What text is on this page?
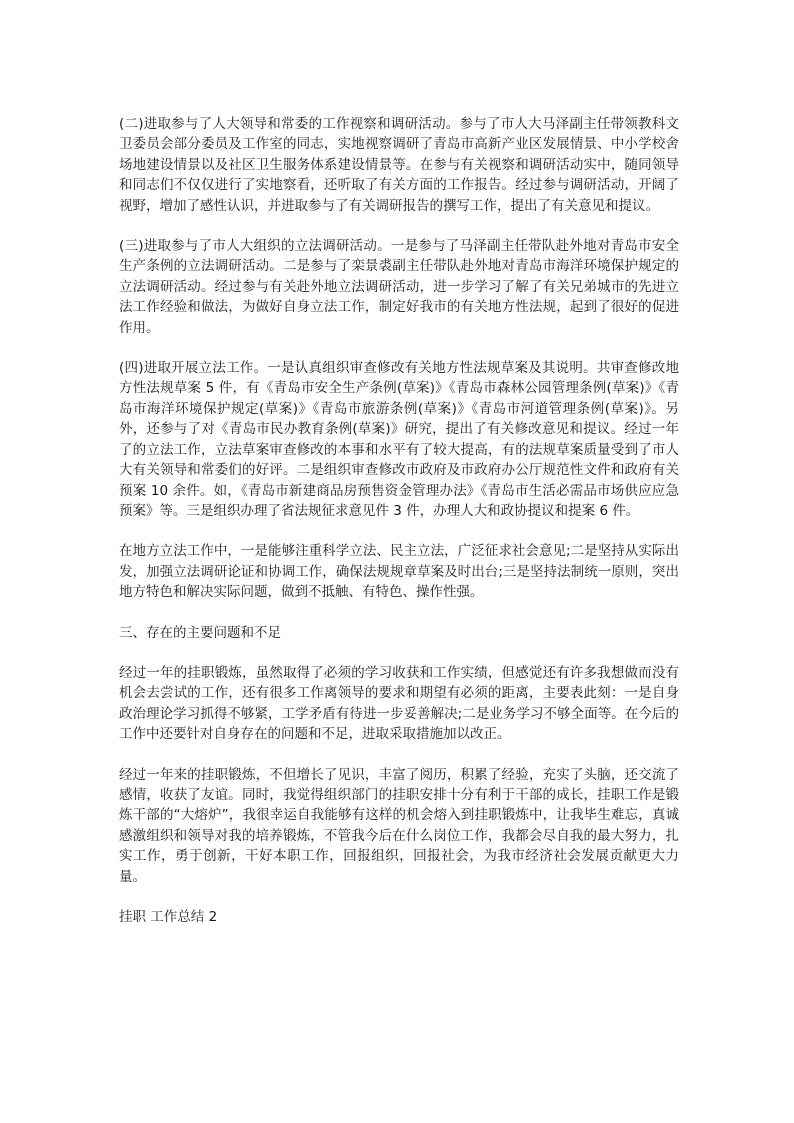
(二)进取参与了人大领导和常委的工作视察和调研活动。参与了市人大马泽副主任带领教科文卫委员会部分委员及工作室的同志，实地视察调研了青岛市高新产业区发展情景、中小学校舍场地建设情景以及社区卫生服务体系建设情景等。在参与有关视察和调研活动实中，随同领导和同志们不仅仅进行了实地察看，还听取了有关方面的工作报告。经过参与调研活动，开阔了视野，增加了感性认识，并进取参与了有关调研报告的撰写工作，提出了有关意见和提议。

(三)进取参与了市人大组织的立法调研活动。一是参与了马泽副主任带队赴外地对青岛市安全生产条例的立法调研活动。二是参与了栾景裘副主任带队赴外地对青岛市海洋环境保护规定的立法调研活动。经过参与有关赴外地立法调研活动，进一步学习了解了有关兄弟城市的先进立法工作经验和做法，为做好自身立法工作，制定好我市的有关地方性法规，起到了很好的促进作用。

(四)进取开展立法工作。一是认真组织审查修改有关地方性法规草案及其说明。共审查修改地方性法规草案 5 件，有《青岛市安全生产条例(草案)》《青岛市森林公园管理条例(草案)》《青岛市海洋环境保护规定(草案)》《青岛市旅游条例(草案)》《青岛市河道管理条例(草案)》。另外，还参与了对《青岛市民办教育条例(草案)》研究，提出了有关修改意见和提议。经过一年了的立法工作，立法草案审查修改的本事和水平有了较大提高，有的法规草案质量受到了市人大有关领导和常委们的好评。二是组织审查修改市政府及市政府办公厅规范性文件和政府有关预案 10 余件。如，《青岛市新建商品房预售资金管理办法》《青岛市生活必需品市场供应应急预案》等。三是组织办理了省法规征求意见件 3 件，办理人大和政协提议和提案 6 件。

在地方立法工作中，一是能够注重科学立法、民主立法，广泛征求社会意见;二是坚持从实际出发，加强立法调研论证和协调工作，确保法规规章草案及时出台;三是坚持法制统一原则，突出地方特色和解决实际问题，做到不抵触、有特色、操作性强。

三、存在的主要问题和不足

经过一年的挂职锻炼，虽然取得了必须的学习收获和工作实绩，但感觉还有许多我想做而没有机会去尝试的工作，还有很多工作离领导的要求和期望有必须的距离，主要表此刻：一是自身政治理论学习抓得不够紧，工学矛盾有待进一步妥善解决;二是业务学习不够全面等。在今后的工作中还要针对自身存在的问题和不足，进取采取措施加以改正。

经过一年来的挂职锻炼，不但增长了见识，丰富了阅历，积累了经验，充实了头脑，还交流了感情，收获了友谊。同时，我觉得组织部门的挂职安排十分有利于干部的成长，挂职工作是锻炼干部的“大熔炉”，我很幸运自我能够有这样的机会熔入到挂职锻炼中，让我毕生难忘，真诚感激组织和领导对我的培养锻炼，不管我今后在什么岗位工作，我都会尽自我的最大努力，扎实工作，勇于创新，干好本职工作，回报组织，回报社会，为我市经济社会发展贡献更大力量。

挂职 工作总结 2
